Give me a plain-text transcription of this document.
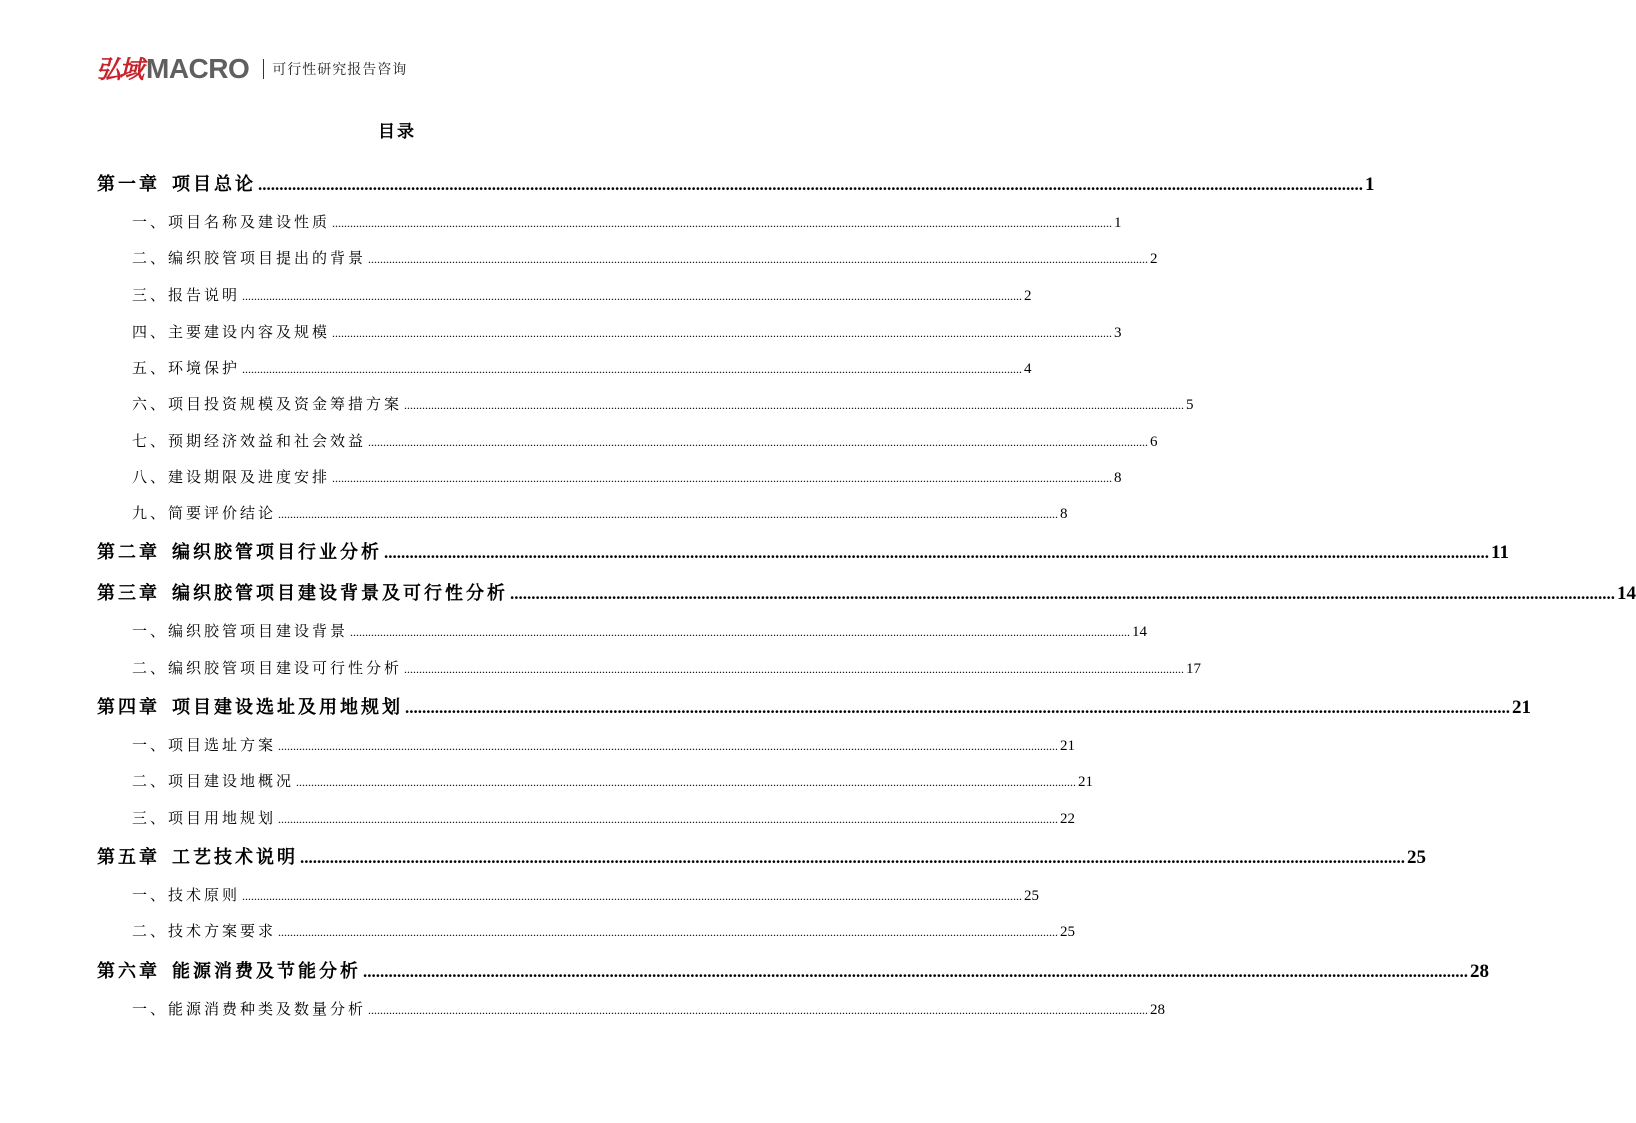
弘域 MACRO 可行性研究报告咨询
目录
第一章 项目总论 .................................................................................................................................................................................................................................................................... 1
一、 项目名称及建设性质 .................................................................................................................................................................................................................................................................... 1
二、 编织胶管项目提出的背景 .................................................................................................................................................................................................................................................................... 2
三、 报告说明 .................................................................................................................................................................................................................................................................... 2
四、 主要建设内容及规模 .................................................................................................................................................................................................................................................................... 3
五、 环境保护 .................................................................................................................................................................................................................................................................... 4
六、 项目投资规模及资金筹措方案 .................................................................................................................................................................................................................................................................... 5
七、 预期经济效益和社会效益 .................................................................................................................................................................................................................................................................... 6
八、 建设期限及进度安排 .................................................................................................................................................................................................................................................................... 8
九、 简要评价结论 .................................................................................................................................................................................................................................................................... 8
第二章 编织胶管项目行业分析 .................................................................................................................................................................................................................................................................... 11
第三章 编织胶管项目建设背景及可行性分析 .................................................................................................................................................................................................................................................................... 14
一、 编织胶管项目建设背景 .................................................................................................................................................................................................................................................................... 14
二、 编织胶管项目建设可行性分析 .................................................................................................................................................................................................................................................................... 17
第四章 项目建设选址及用地规划 .................................................................................................................................................................................................................................................................... 21
一、 项目选址方案 .................................................................................................................................................................................................................................................................... 21
二、 项目建设地概况 .................................................................................................................................................................................................................................................................... 21
三、 项目用地规划 .................................................................................................................................................................................................................................................................... 22
第五章 工艺技术说明 .................................................................................................................................................................................................................................................................... 25
一、 技术原则 .................................................................................................................................................................................................................................................................... 25
二、 技术方案要求 .................................................................................................................................................................................................................................................................... 25
第六章 能源消费及节能分析 .................................................................................................................................................................................................................................................................... 28
一、 能源消费种类及数量分析 .................................................................................................................................................................................................................................................................... 28
